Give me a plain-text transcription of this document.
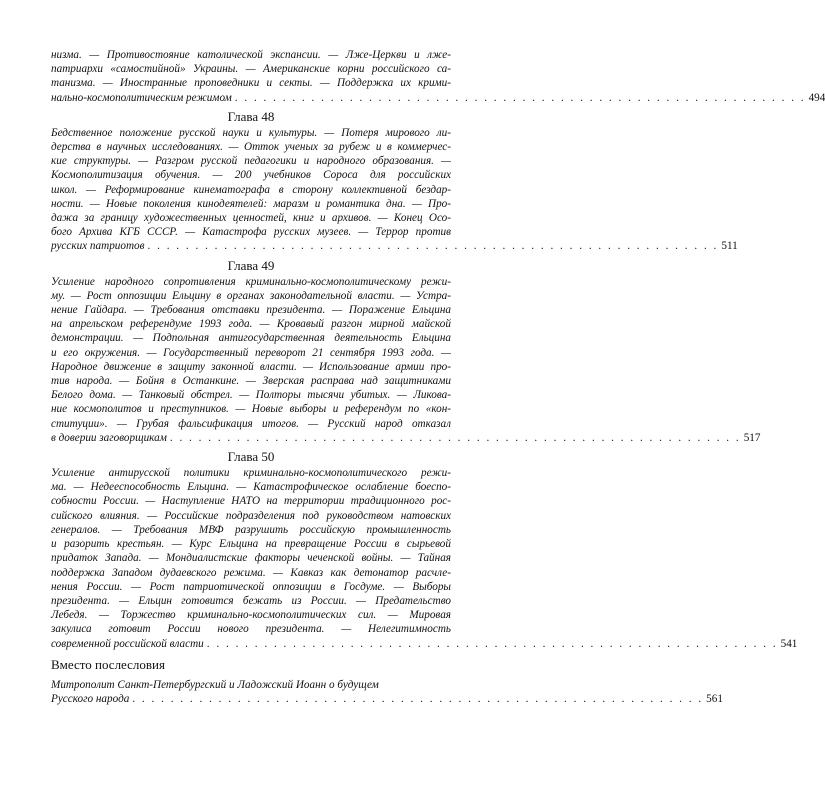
низма. — Противостояние католической экспансии. — Лже-Церкви и лже-
патриархи «самостийной» Украины. — Американские корни российского са-
танизма. — Иностранные проповедники и секты. — Поддержка их крими-
нально-космополитическим режимом . . . . . . . . . . . . . . . . . . . . . . . . . . . . . . . . . . . . . . . . . . . . . . . . . . . . . . . . . . . . 494
Глава 48
Бедственное положение русской науки и культуры. — Потеря мирового ли-
дерства в научных исследованиях. — Отток ученых за рубеж и в коммерчес-
кие структуры. — Разгром русской педагогики и народного образования. —
Космополитизация обучения. — 200 учебников Сороса для российских
школ. — Реформирование кинематографа в сторону коллективной бездар-
ности. — Новые поколения кинодеятелей: маразм и романтика дна. — Про-
дажа за границу художественных ценностей, книг и архивов. — Конец Осо-
бого Архива КГБ СССР. — Катастрофа русских музеев. — Террор против
русских патриотов . . . . . . . . . . . . . . . . . . . . . . . . . . . . . . . . . . . . . . . . . . . . . . . . . . . . . . . . . . . . 511
Глава 49
Усиление народного сопротивления криминально-космополитическому режи-
му. — Рост оппозиции Ельцину в органах законодательной власти. — Устра-
нение Гайдара. — Требования отставки президента. — Поражение Ельцина
на апрельском референдуме 1993 года. — Кровавый разгон мирной майской
демонстрации. — Подпольная антигосударственная деятельность Ельцина
и его окружения. — Государственный переворот 21 сентября 1993 года. —
Народное движение в защиту законной власти. — Использование армии про-
тив народа. — Бойня в Останкине. — Зверская расправа над защитниками
Белого дома. — Танковый обстрел. — Полторы тысячи убитых. — Ликова-
ние космополитов и преступников. — Новые выборы и референдум по «кон-
ституции». — Грубая фальсификация итогов. — Русский народ отказал
в доверии заговорщикам . . . . . . . . . . . . . . . . . . . . . . . . . . . . . . . . . . . . . . . . . . . . . . . . . . . . . . . . . . . . 517
Глава 50
Усиление антирусской политики криминально-космополитического режи-
ма. — Недееспособность Ельцина. — Катастрофическое ослабление боеспо-
собности России. — Наступление НАТО на территории традиционного рос-
сийского влияния. — Российские подразделения под руководством натовских
генералов. — Требования МВФ разрушить российскую промышленность
и разорить крестьян. — Курс Ельцина на превращение России в сырьевой
придаток Запада. — Мондиалистские факторы чеченской войны. — Тайная
поддержка Западом дудаевского режима. — Кавказ как детонатор расчле-
нения России. — Рост патриотической оппозиции в Госдуме. — Выборы
президента. — Ельцин готовится бежать из России. — Предательство
Лебедя. — Торжество криминально-космополитических сил. — Мировая
закулиса готовит России нового президента. — Нелегитимность
современной российской власти . . . . . . . . . . . . . . . . . . . . . . . . . . . . . . . . . . . . . . . . . . . . . . . . . . . . . . . . . . . . 541
Вместо послесловия
Митрополит Санкт-Петербургский и Ладожский Иоанн о будущем
Русского народа . . . . . . . . . . . . . . . . . . . . . . . . . . . . . . . . . . . . . . . . . . . . . . . . . . . . . . . . . . . . 561
